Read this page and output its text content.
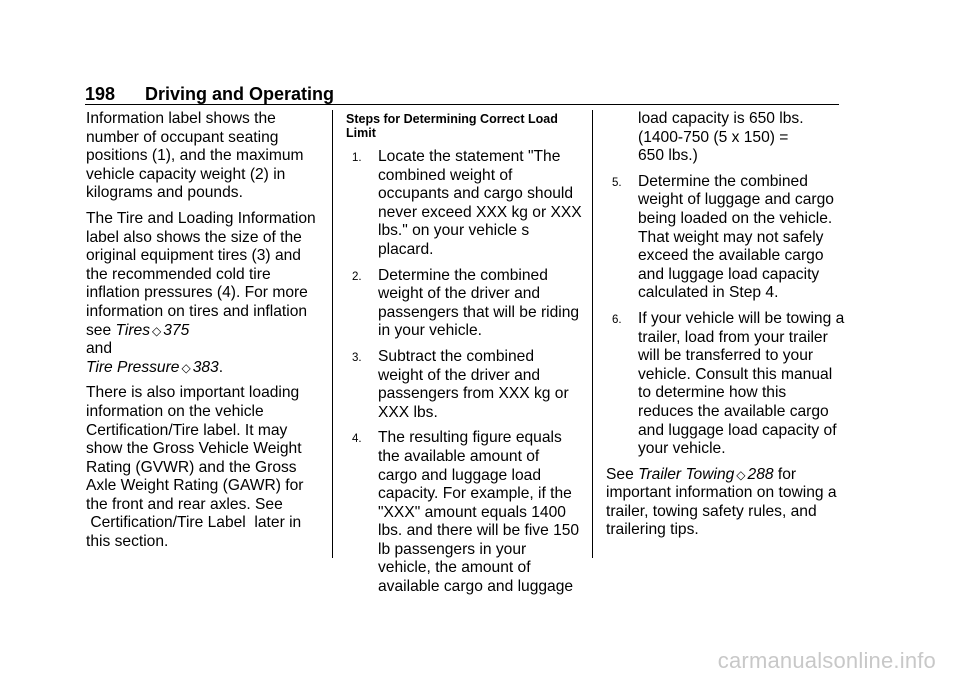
198 Driving and Operating

Information label shows the number of occupant seating positions (1), and the maximum vehicle capacity weight (2) in kilograms and pounds.

The Tire and Loading Information label also shows the size of the original equipment tires (3) and the recommended cold tire inflation pressures (4). For more information on tires and inflation see Tires ◇ 375
and
Tire Pressure ◇ 383.

There is also important loading information on the vehicle Certification/Tire label. It may show the Gross Vehicle Weight Rating (GVWR) and the Gross Axle Weight Rating (GAWR) for the front and rear axles. See  Certification/Tire Label  later in this section.

Steps for Determining Correct Load Limit
1. Locate the statement "The combined weight of occupants and cargo should never exceed XXX kg or XXX lbs." on your vehicle s placard.
2. Determine the combined weight of the driver and passengers that will be riding in your vehicle.
3. Subtract the combined weight of the driver and passengers from XXX kg or XXX lbs.
4. The resulting figure equals the available amount of cargo and luggage load capacity. For example, if the "XXX" amount equals 1400 lbs. and there will be five 150 lb passengers in your vehicle, the amount of available cargo and luggage
load capacity is 650 lbs.
(1400-750 (5 x 150) =
650 lbs.)
5. Determine the combined weight of luggage and cargo being loaded on the vehicle. That weight may not safely exceed the available cargo and luggage load capacity calculated in Step 4.
6. If your vehicle will be towing a trailer, load from your trailer will be transferred to your vehicle. Consult this manual to determine how this reduces the available cargo and luggage load capacity of your vehicle.

See Trailer Towing ◇ 288 for important information on towing a trailer, towing safety rules, and trailering tips.

carmanualsonline.info
